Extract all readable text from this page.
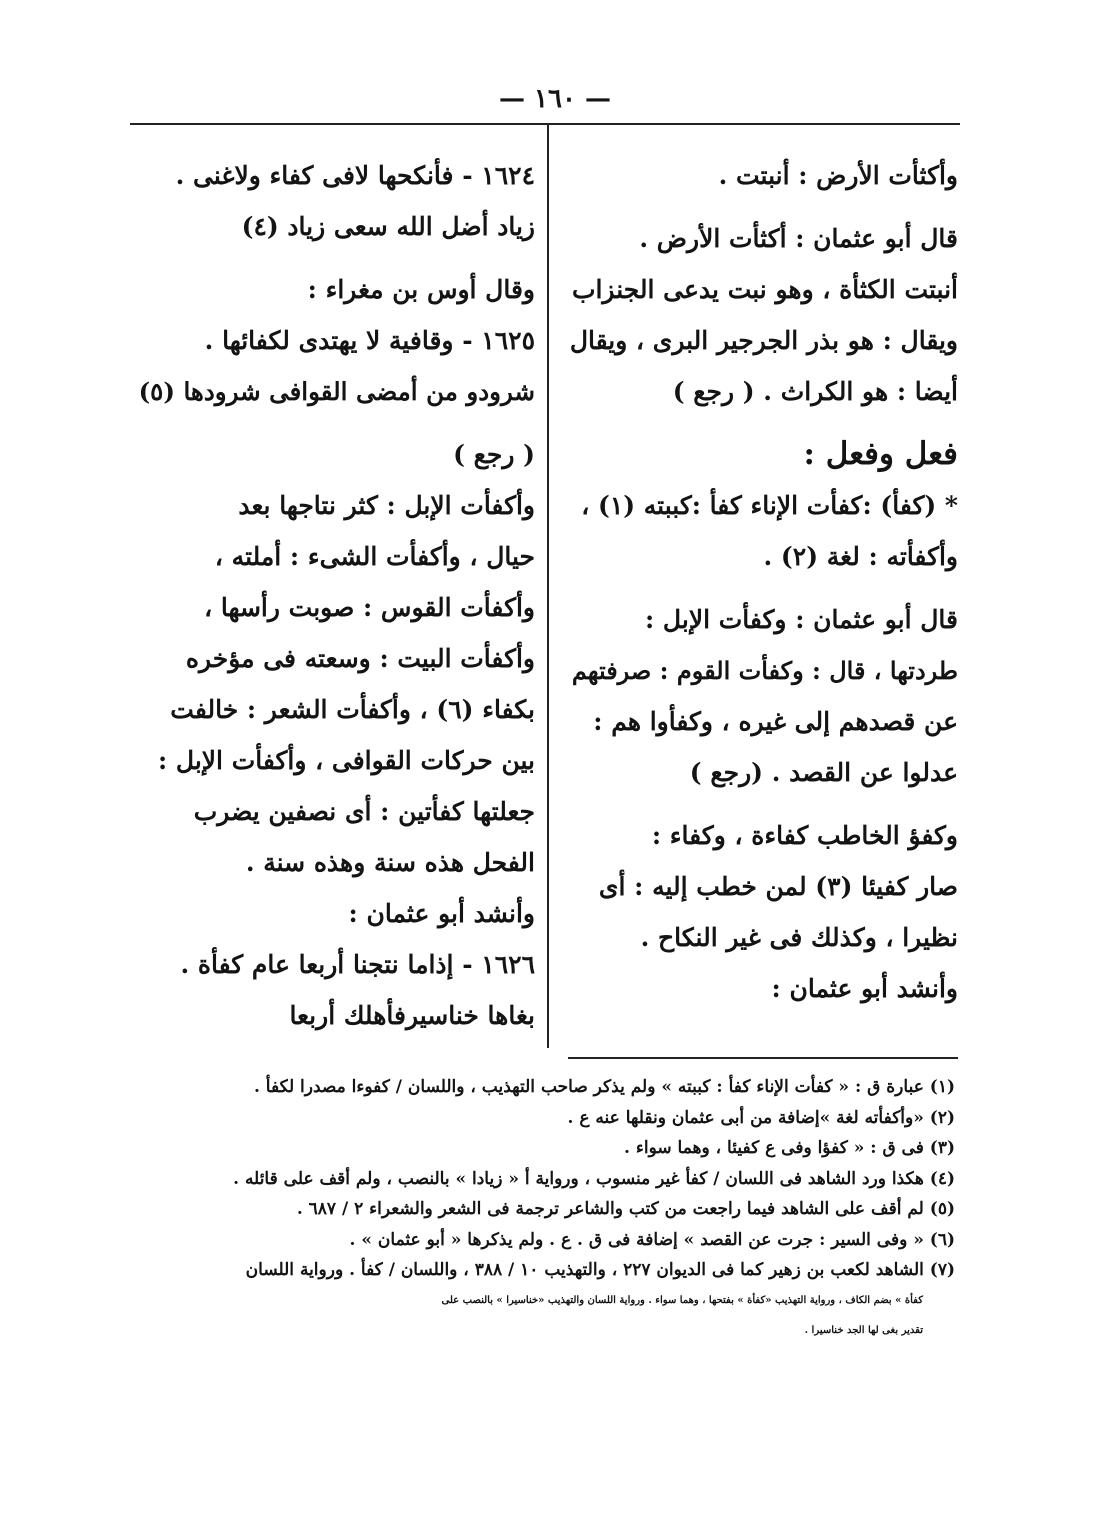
— ١٦٠ —
وأكثأت الأرض : أنبتت .
قال أبو عثمان : أكثأت الأرض .
أنبتت الكثأة ، وهو نبت يدعى الجنزاب
ويقال : هو بذر الجرجير البرى ، ويقال
أيضا : هو الكراث . ( رجع )
فعل وفعل :
* (كفأ) :كفأت الإناء كفأ :كببته (١) ،
وأكفأته : لغة (٢) .
قال أبو عثمان : وكفأت الإبل :
طردتها ، قال : وكفأت القوم : صرفتهم
عن قصدهم إلى غيره ، وكفأوا هم :
عدلوا عن القصد . (رجع )
وكفؤ الخاطب كفاءة ، وكفاء :
صار كفيئا (٣) لمن خطب إليه : أى
نظيرا ، وكذلك فى غير النكاح .
وأنشد أبو عثمان :
١٦٢٤ - فأنكحها لافى كفاء ولاغنى .
زياد أضل الله سعى زياد (٤)
وقال أوس بن مغراء :
١٦٢٥ - وقافية لا يهتدى لكفائها .
شرودو من أمضى القوافى شرودها (٥)
( رجع )
وأكفأت الإبل : كثر نتاجها بعد
حيال ، وأكفأت الشىء : أملته ،
وأكفأت القوس : صوبت رأسها ،
وأكفأت البيت : وسعته فى مؤخره
بكفاء (٦) ، وأكفأت الشعر : خالفت
بين حركات القوافى ، وأكفأت الإبل :
جعلتها كفأتين : أى نصفين يضرب
الفحل هذه سنة وهذه سنة .
وأنشد أبو عثمان :
١٦٢٦ - إذاما نتجنا أربعا عام كفأة .
بغاها خناسيرفأهلك أربعا
(١) عبارة ق : « كفأت الإناء كفأ : كببته » ولم يذكر صاحب التهذيب ، واللسان / كفوءا مصدرا لكفأ .
(٢) «وأكفأته لغة »إضافة من أبى عثمان ونقلها عنه ع .
(٣) فى ق : « كفؤا وفى ع كفيئا ، وهما سواء .
(٤) هكذا ورد الشاهد فى اللسان / كفأ غير منسوب ، ورواية أ « زيادا » بالنصب ، ولم أقف على قائله .
(٥) لم أقف على الشاهد فيما راجعت من كتب والشاعر ترجمة فى الشعر والشعراء ٢ / ٦٨٧ .
(٦) « وفى السير : جرت عن القصد » إضافة فى ق . ع . ولم يذكرها « أبو عثمان » .
(٧) الشاهد لكعب بن زهير كما فى الديوان ٢٢٧ ، والتهذيب ١٠ / ٣٨٨ ، واللسان / كفأ . ورواية اللسان
كفأة » بضم الكاف ، ورواية التهذيب «كفأة » بفتحها ، وهما سواء . ورواية اللسان والتهذيب «خناسيرا » بالنصب على
تقدير بغى لها الجد خناسيرا .
